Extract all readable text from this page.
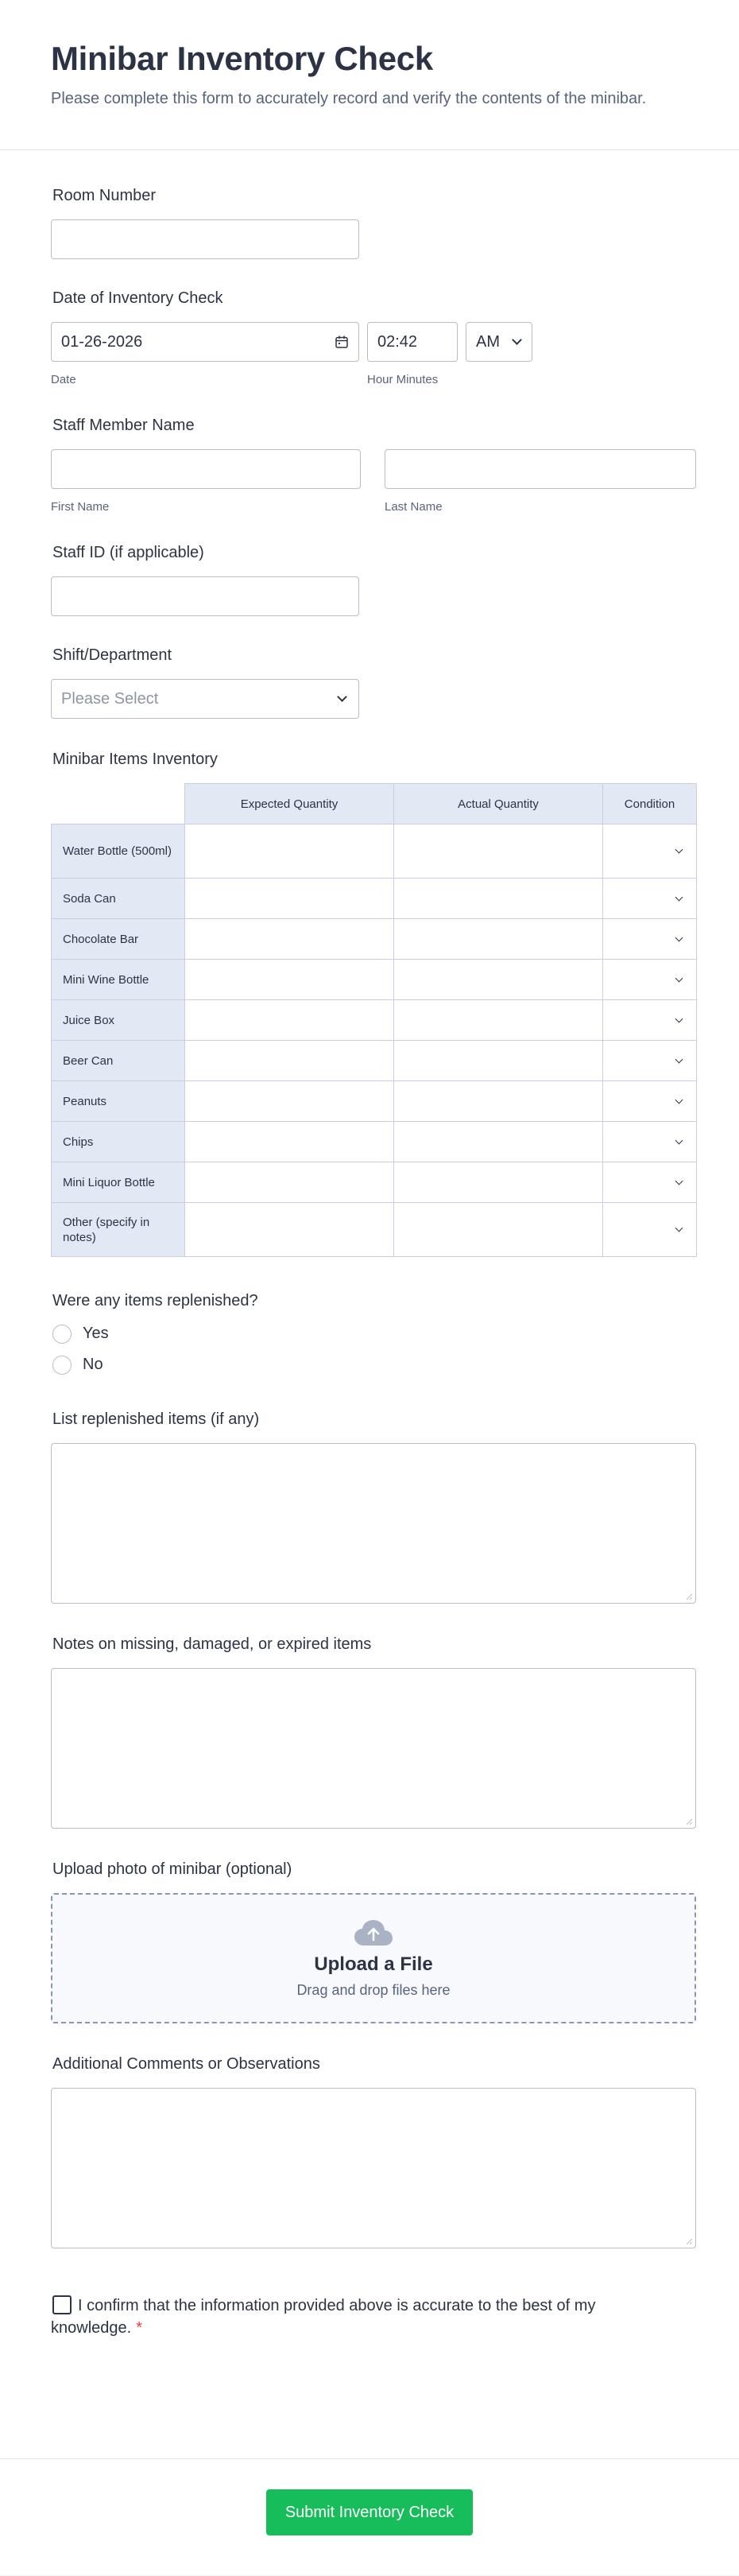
Minibar Inventory Check

Please complete this form to accurately record and verify the contents of the minibar.

Room Number
Date of Inventory Check
01-26-2026
Date
02:42	AM
Hour Minutes
Staff Member Name
First Name	Last Name
Staff ID (if applicable)
Shift/Department
Please Select
Minibar Items Inventory
	Expected Quantity	Actual Quantity	Condition
Water Bottle (500ml)			
Soda Can			
Chocolate Bar			
Mini Wine Bottle			
Juice Box			
Beer Can			
Peanuts			
Chips			
Mini Liquor Bottle			
Other (specify in notes)			
Were any items replenished?
Yes
No
List replenished items (if any)
Notes on missing, damaged, or expired items
Upload photo of minibar (optional)
Upload a File
Drag and drop files here
Additional Comments or Observations
I confirm that the information provided above is accurate to the best of my knowledge. *
Submit Inventory Check
